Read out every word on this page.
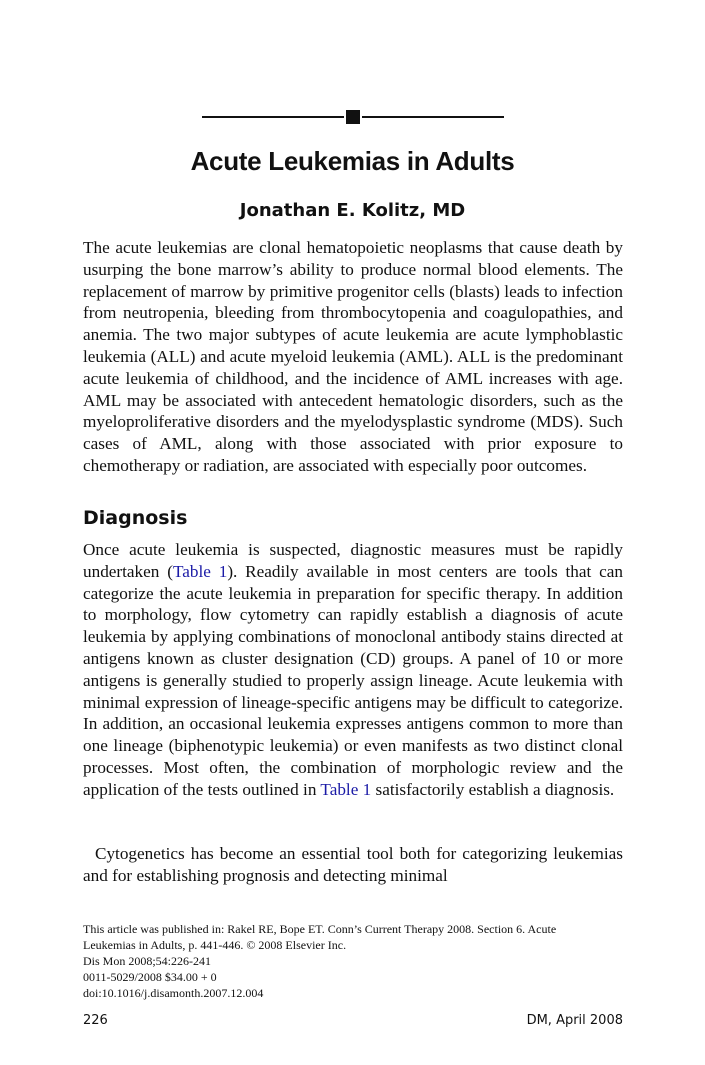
Acute Leukemias in Adults
Jonathan E. Kolitz, MD

The acute leukemias are clonal hematopoietic neoplasms that cause death by usurping the bone marrow’s ability to produce normal blood elements. The replacement of marrow by primitive progenitor cells (blasts) leads to infection from neutropenia, bleeding from thrombocytopenia and coagulopathies, and anemia. The two major subtypes of acute leukemia are acute lymphoblastic leukemia (ALL) and acute myeloid leukemia (AML). ALL is the predominant acute leukemia of childhood, and the incidence of AML increases with age. AML may be associated with antecedent hematologic disorders, such as the myeloproliferative disorders and the myelodysplastic syndrome (MDS). Such cases of AML, along with those associated with prior exposure to chemotherapy or radiation, are associated with especially poor outcomes.

Diagnosis

Once acute leukemia is suspected, diagnostic measures must be rapidly undertaken (Table 1). Readily available in most centers are tools that can categorize the acute leukemia in preparation for specific therapy. In addition to morphology, flow cytometry can rapidly establish a diagnosis of acute leukemia by applying combinations of monoclonal antibody stains directed at antigens known as cluster designation (CD) groups. A panel of 10 or more antigens is generally studied to properly assign lineage. Acute leukemia with minimal expression of lineage-specific antigens may be difficult to categorize. In addition, an occasional leukemia expresses antigens common to more than one lineage (biphenotypic leukemia) or even manifests as two distinct clonal processes. Most often, the combination of morphologic review and the application of the tests outlined in Table 1 satisfactorily establish a diagnosis.

Cytogenetics has become an essential tool both for categorizing leukemias and for establishing prognosis and detecting minimal

This article was published in: Rakel RE, Bope ET. Conn’s Current Therapy 2008. Section 6. Acute
Leukemias in Adults, p. 441-446. © 2008 Elsevier Inc.
Dis Mon 2008;54:226-241
0011-5029/2008 $34.00 + 0
doi:10.1016/j.disamonth.2007.12.004
226	DM, April 2008
